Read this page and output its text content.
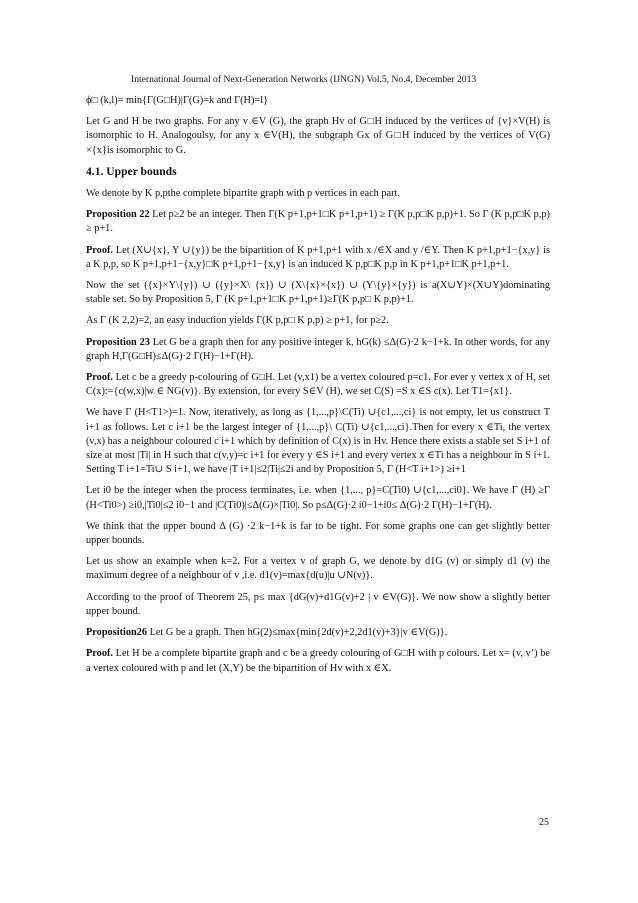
International Journal of Next-Generation Networks (IJNGN) Vol.5, No.4, December 2013

ϕ□ (k,l)= min{Γ(G□H)|Γ(G)=k and Γ(H)=l}

Let G and H be two graphs. For any v ∈V (G), the graph Hv of G□H induced by the vertices of {v}×V(H) is isomorphic to H. Analogoulsy, for any x ∈V(H), the subgraph Gx of G□H induced by the vertices of V(G) ×{x}is isomorphic to G.

4.1. Upper bounds

We denote by K p,pthe complete bipartite graph with p vertices in each part.

Proposition 22 Let p≥2 be an integer. Then Γ(K p+1,p+1□K p+1,p+1) ≥ Γ(K p,p□K p,p)+1. So Γ (K p,p□K p,p) ≥ p+1.

Proof. Let (X∪{x}, Y ∪{y}) be the bipartition of K p+1,p+1 with x /∈X and y /∈Y. Then K p+1,p+1−{x,y} is a K p,p, so K p+1,p+1−{x,y}□K p+1,p+1−{x,y} is an induced K p,p□K p,p in K p+1,p+1□K p+1,p+1.

Now the set ({x}×Y\{y}) ∪ ({y}×X\ {x}) ∪ (X\{x}×{x}) ∪ (Y\{y}×{y}) is a(X∪Y)×(X∪Y)dominating stable set. So by Proposition 5, Γ (K p+1,p+1□K p+1,p+1)≥Γ(K p,p□ K p,p)+1.

As Γ (K 2,2)=2, an easy induction yields Γ(K p,p□ K p,p) ≥ p+1, for p≥2.

Proposition 23 Let G be a graph then for any positive integer k, hG(k) ≤Δ(G)·2 k−1+k. In other words, for any graph H,Γ(G□H)≤Δ(G)·2 Γ(H)−1+Γ(H).

Proof. Let c be a greedy p-colouring of G□H. Let (v,x1) be a vertex coloured p=c1. For ever y vertex x of H, set C(x):={c(w,x)|w ∈ NG(v)}. By extension, for every S∈V (H), we set C(S) =S x ∈S c(x). Let T1={x1}.

We have Γ (H<T1>)=1. Now, iteratively, as long as {1,...,p}\C(Ti) ∪{c1,...,ci} is not empty, let us construct T i+1 as follows. Let c i+1 be the largest integer of {1,...,p}\ C(Ti) ∪{c1,...,ci}.Then for every x ∈Ti, the vertex (v,x) has a neighbour coloured c i+1 which by definition of C(x) is in Hv. Hence there exists a stable set S i+1 of size at most |Ti| in H such that c(v,y)=c i+1 for every y ∈S i+1 and every vertex x ∈Ti has a neighbour in S i+1. Setting T i+1=Ti∪ S i+1, we have |T i+1|≤2|Ti|≤2i and by Proposition 5, Γ (H<T i+1>) ≥i+1

Let i0 be the integer when the process terminates, i.e. when {1,..., p}=C(Ti0) ∪{c1,...,ci0}. We have Γ (H) ≥Γ (H<Ti0>) ≥i0,|Ti0|≤2 i0−1 and |C(Ti0)|≤Δ(G)×|Ti0|. So p≤Δ(G)·2 i0−1+i0≤ Δ(G)·2 Γ(H)−1+Γ(H).

We think that the upper bound Δ (G) ·2 k−1+k is far to be tight. For some graphs one can get slightly better upper bounds.

Let us show an example when k=2. For a vertex v of graph G, we denote by d1G (v) or simply d1 (v) the maximum degree of a neighbour of v ,i.e. d1(v)=max{d(u)|u ∪N(v)}.

According to the proof of Theorem 25, p≤ max {dG(v)+d1G(v)+2 | v ∈V(G)}. We now show a slightly better upper bound.

Proposition26 Let G be a graph. Then hG(2)≤max{min{2d(v)+2,2d1(v)+3}|v ∈V(G)}.

Proof. Let H be a complete bipartite graph and c be a greedy colouring of G□H with p colours. Let x= (v, v’) be a vertex coloured with p and let (X,Y) be the bipartition of Hv with x ∈X.

25
